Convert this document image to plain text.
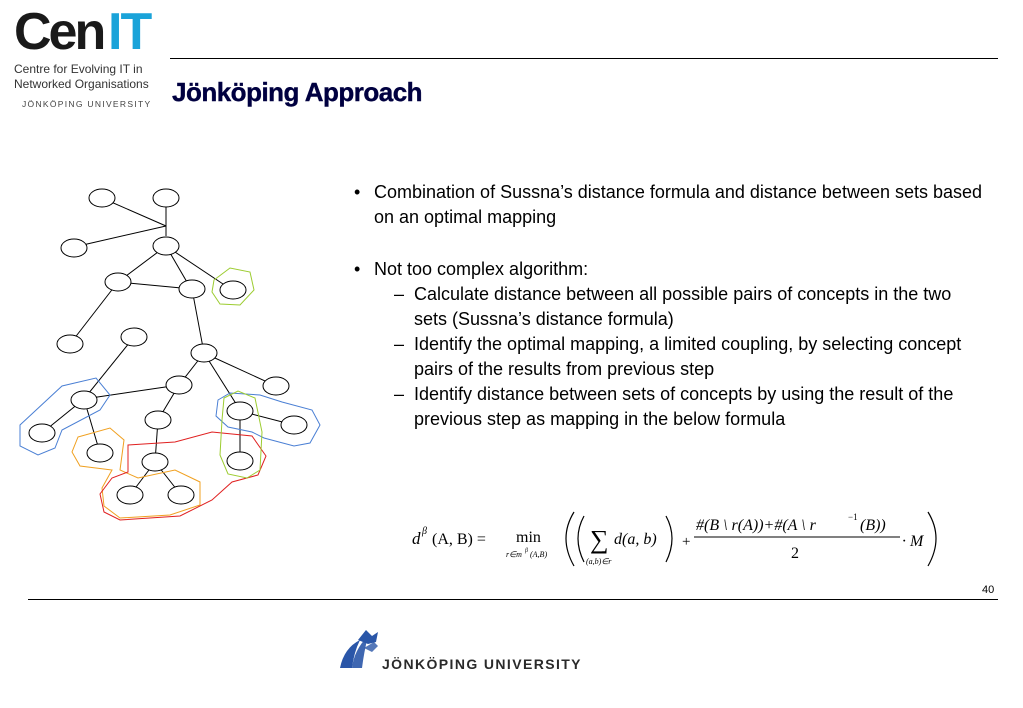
Cen IT
Centre for Evolving IT in
Networked Organisations
JÖNKÖPING UNIVERSITY Jönköping Approach
• Combination of Sussna’s distance formula and distance between sets based on an optimal mapping
• Not too complex algorithm:
– Calculate distance between all possible pairs of concepts in the two sets (Sussna’s distance formula)
– Identify the optimal mapping, a limited coupling, by selecting concept pairs of the results from previous step
– Identify distance between sets of concepts by using the result of the previous step as mapping in the below formula
d β (A, B) = min
r∈m β (A,B)
∑ d(a, b)
(a,b)∈r
+
#(B \ r(A))+#(A \ r	−1 (B))
2
· M
40
JÖNKÖPING UNIVERSITY
